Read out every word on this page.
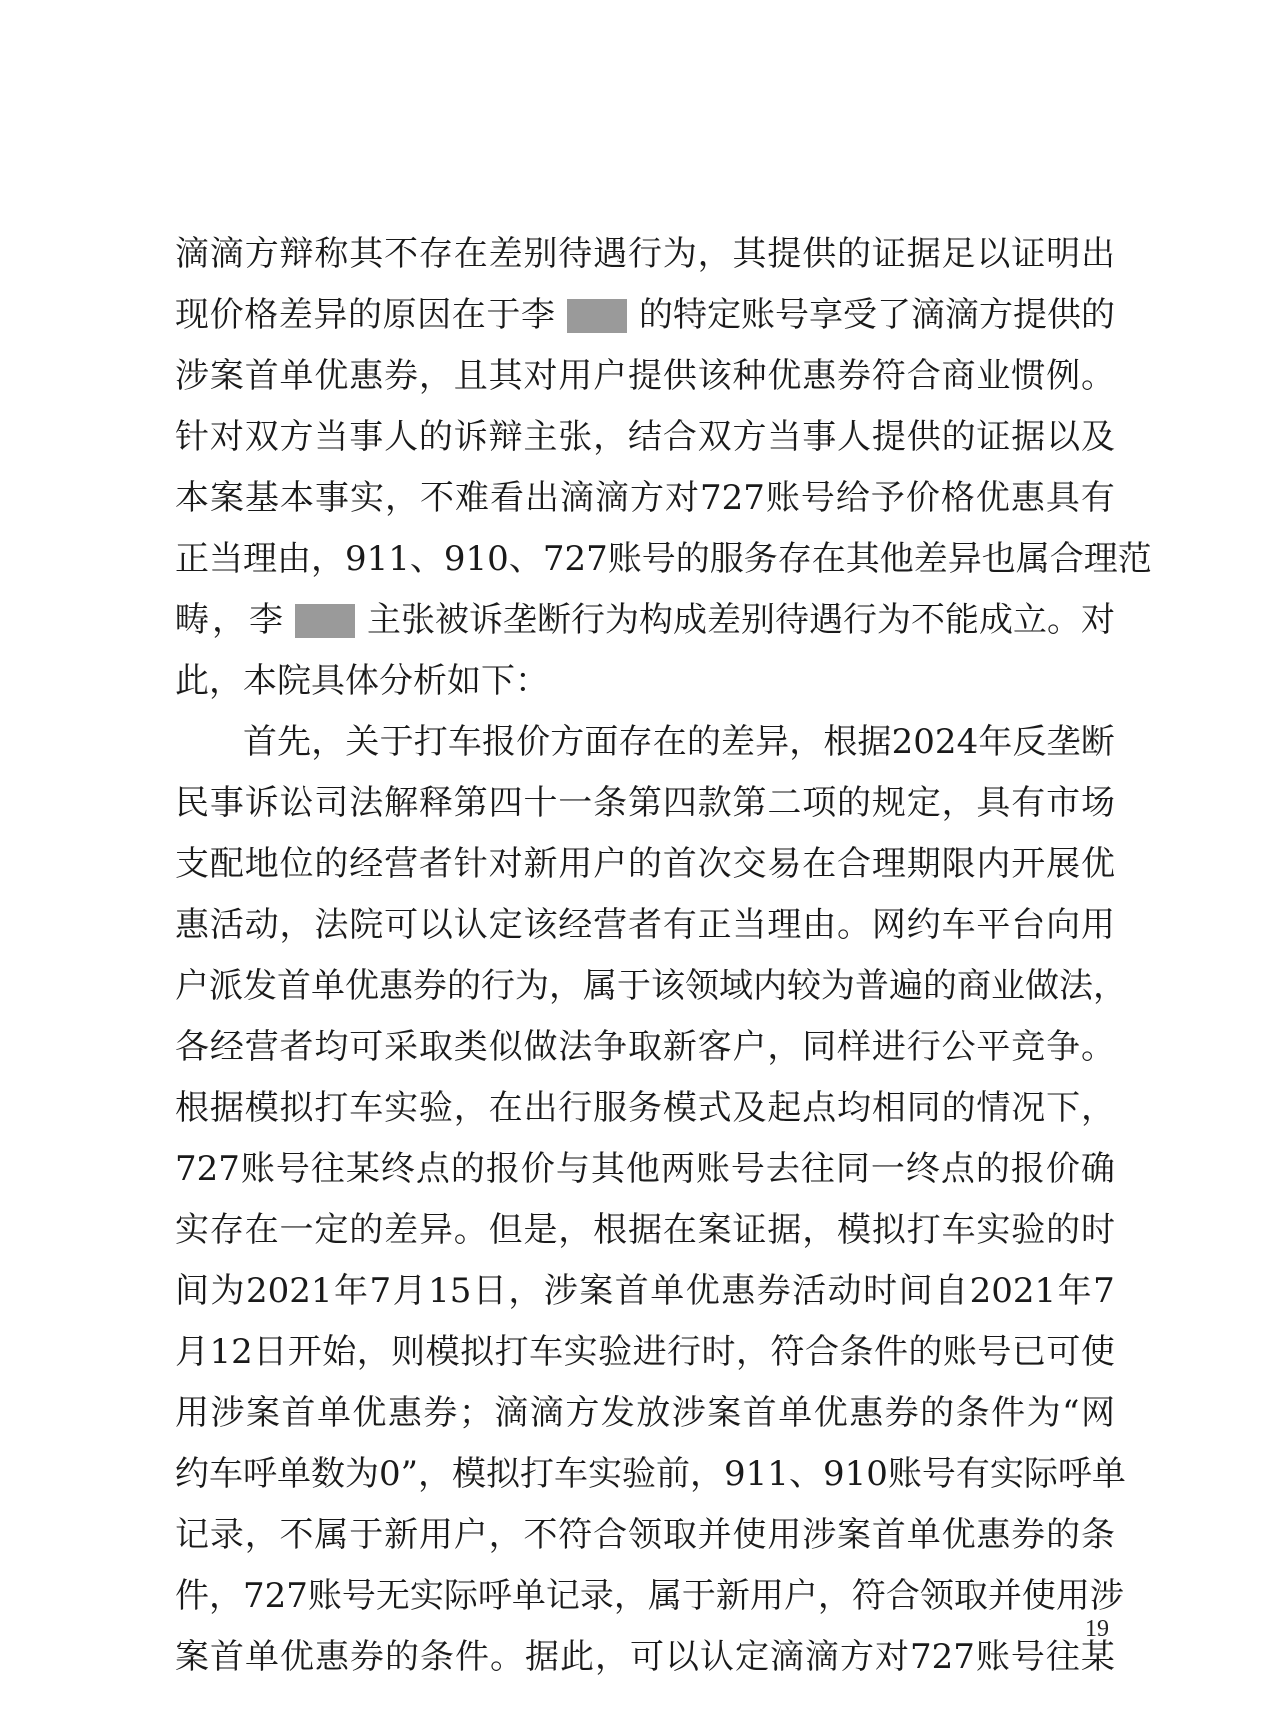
滴 滴 方 辩 称 其 不 存 在 差 别 待 遇 行 为 ， 其 提 供 的 证 据 足 以 证 明 出
现 价 格 差 异 的 原 因 在 于 李 的 特 定 账 号 享 受 了 滴 滴 方 提 供 的
涉 案 首 单 优 惠 券 ， 且 其 对 用 户 提 供 该 种 优 惠 券 符 合 商 业 惯 例 。
针 对 双 方 当 事 人 的 诉 辩 主 张 ， 结 合 双 方 当 事 人 提 供 的 证 据 以 及
本 案 基 本 事 实 ， 不 难 看 出 滴 滴 方 对 727 账 号 给 予 价 格 优 惠 具 有
正 当 理 由 ， 911 、 910 、 727 账 号 的 服 务 存 在 其 他 差 异 也 属 合 理 范
畴 ， 李 主 张 被 诉 垄 断 行 为 构 成 差 别 待 遇 行 为 不 能 成 立 。 对
此，本院具体分析如下：
首 先 ， 关 于 打 车 报 价 方 面 存 在 的 差 异 ， 根 据 2024 年 反 垄 断
民 事 诉 讼 司 法 解 释 第 四 十 一 条 第 四 款 第 二 项 的 规 定 ， 具 有 市 场
支 配 地 位 的 经 营 者 针 对 新 用 户 的 首 次 交 易 在 合 理 期 限 内 开 展 优
惠 活 动 ， 法 院 可 以 认 定 该 经 营 者 有 正 当 理 由 。 网 约 车 平 台 向 用
户 派 发 首 单 优 惠 券 的 行 为 ， 属 于 该 领 域 内 较 为 普 遍 的 商 业 做 法 ，
各 经 营 者 均 可 采 取 类 似 做 法 争 取 新 客 户 ， 同 样 进 行 公 平 竞 争 。
根 据 模 拟 打 车 实 验 ， 在 出 行 服 务 模 式 及 起 点 均 相 同 的 情 况 下 ，
727 账 号 往 某 终 点 的 报 价 与 其 他 两 账 号 去 往 同 一 终 点 的 报 价 确
实 存 在 一 定 的 差 异 。 但 是 ， 根 据 在 案 证 据 ， 模 拟 打 车 实 验 的 时
间 为 2021 年 7 月 15 日 ， 涉 案 首 单 优 惠 券 活 动 时 间 自 2021 年 7
月 12 日 开 始 ， 则 模 拟 打 车 实 验 进 行 时 ， 符 合 条 件 的 账 号 已 可 使
用 涉 案 首 单 优 惠 券 ； 滴 滴 方 发 放 涉 案 首 单 优 惠 券 的 条 件 为 “ 网
约 车 呼 单 数 为 0 ” ， 模 拟 打 车 实 验 前 ， 911 、 910 账 号 有 实 际 呼 单
记 录 ， 不 属 于 新 用 户 ， 不 符 合 领 取 并 使 用 涉 案 首 单 优 惠 券 的 条
件 ， 727 账 号 无 实 际 呼 单 记 录 ， 属 于 新 用 户 ， 符 合 领 取 并 使 用 涉
案 首 单 优 惠 券 的 条 件 。 据 此 ， 可 以 认 定 滴 滴 方 对 727 账 号 往 某
19
